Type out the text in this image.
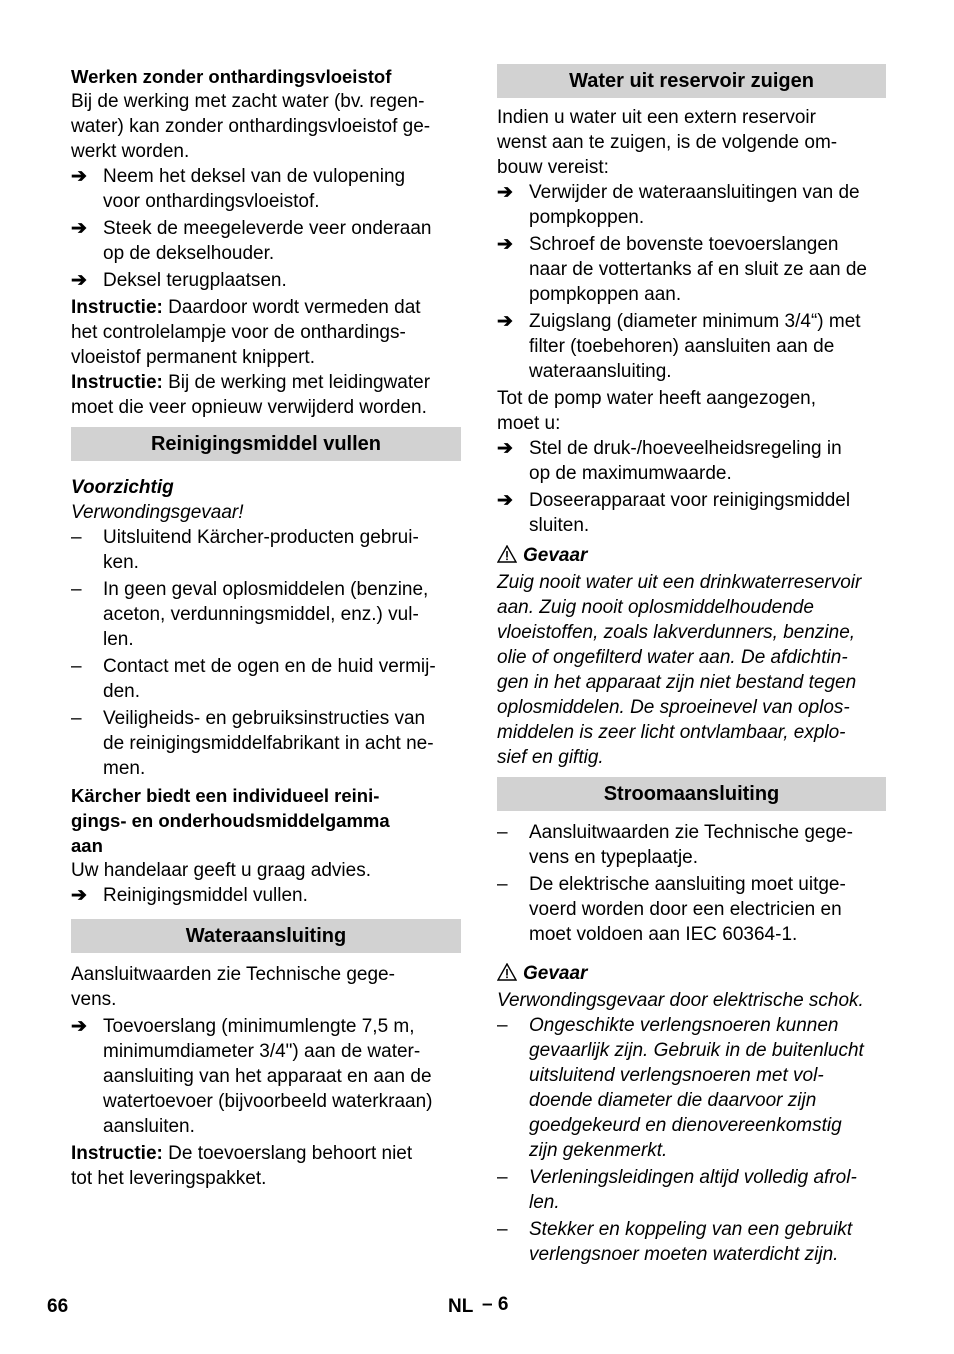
Werken zonder onthardingsvloeistof

Bij de werking met zacht water (bv. regen-
water) kan zonder onthardingsvloeistof ge-
werkt worden.

➔ Neem het deksel van de vulopening
voor onthardingsvloeistof.
➔ Steek de meegeleverde veer onderaan
op de dekselhouder.
➔ Deksel terugplaatsen.

Instructie: Daardoor wordt vermeden dat
het controlelampje voor de onthardings-
vloeistof permanent knippert.

Instructie: Bij de werking met leidingwater
moet die veer opnieuw verwijderd worden.

Reinigingsmiddel vullen

Voorzichtig

Verwondingsgevaar!

–	Uitsluitend Kärcher-producten gebrui-
ken.
–	In geen geval oplosmiddelen (benzine,
aceton, verdunningsmiddel, enz.) vul-
len.
–	Contact met de ogen en de huid vermij-
den.
–	Veiligheids- en gebruiksinstructies van
de reinigingsmiddelfabrikant in acht ne-
men.

Kärcher biedt een individueel reini-
gings- en onderhoudsmiddelgamma
aan

Uw handelaar geeft u graag advies.

➔ Reinigingsmiddel vullen.
Wateraansluiting

Aansluitwaarden zie Technische gege-
vens.

➔ Toevoerslang (minimumlengte 7,5 m,
minimumdiameter 3/4") aan de water-
aansluiting van het apparaat en aan de
watertoevoer (bijvoorbeeld waterkraan)
aansluiten.

Instructie: De toevoerslang behoort niet
tot het leveringspakket.

Water uit reservoir zuigen

Indien u water uit een extern reservoir
wenst aan te zuigen, is de volgende om-
bouw vereist:

➔ Verwijder de wateraansluitingen van de
pompkoppen.
➔ Schroef de bovenste toevoerslangen
naar de vottertanks af en sluit ze aan de
pompkoppen aan.
➔ Zuigslang (diameter minimum 3/4“) met
filter (toebehoren) aansluiten aan de
wateraansluiting.

Tot de pomp water heeft aangezogen,
moet u:

➔ Stel de druk-/hoeveelheidsregeling in
op de maximumwaarde.
➔ Doseerapparaat voor reinigingsmiddel
sluiten.

Gevaar

Zuig nooit water uit een drinkwaterreservoir
aan. Zuig nooit oplosmiddelhoudende
vloeistoffen, zoals lakverdunners, benzine,
olie of ongefilterd water aan. De afdichtin-
gen in het apparaat zijn niet bestand tegen
oplosmiddelen. De sproeinevel van oplos-
middelen is zeer licht ontvlambaar, explo-
sief en giftig.

Stroomaansluiting
–	Aansluitwaarden zie Technische gege-
vens en typeplaatje.
–	De elektrische aansluiting moet uitge-
voerd worden door een electricien en
moet voldoen aan IEC 60364-1.

Gevaar

Verwondingsgevaar door elektrische schok.

–	Ongeschikte verlengsnoeren kunnen
gevaarlijk zijn. Gebruik in de buitenlucht
uitsluitend verlengsnoeren met vol-
doende diameter die daarvoor zijn
goedgekeurd en dienovereenkomstig
zijn gekenmerkt.
–	Verleningsleidingen altijd volledig afrol-
len.
–	Stekker en koppeling van een gebruikt
verlengsnoer moeten waterdicht zijn.
66	NL – 6
